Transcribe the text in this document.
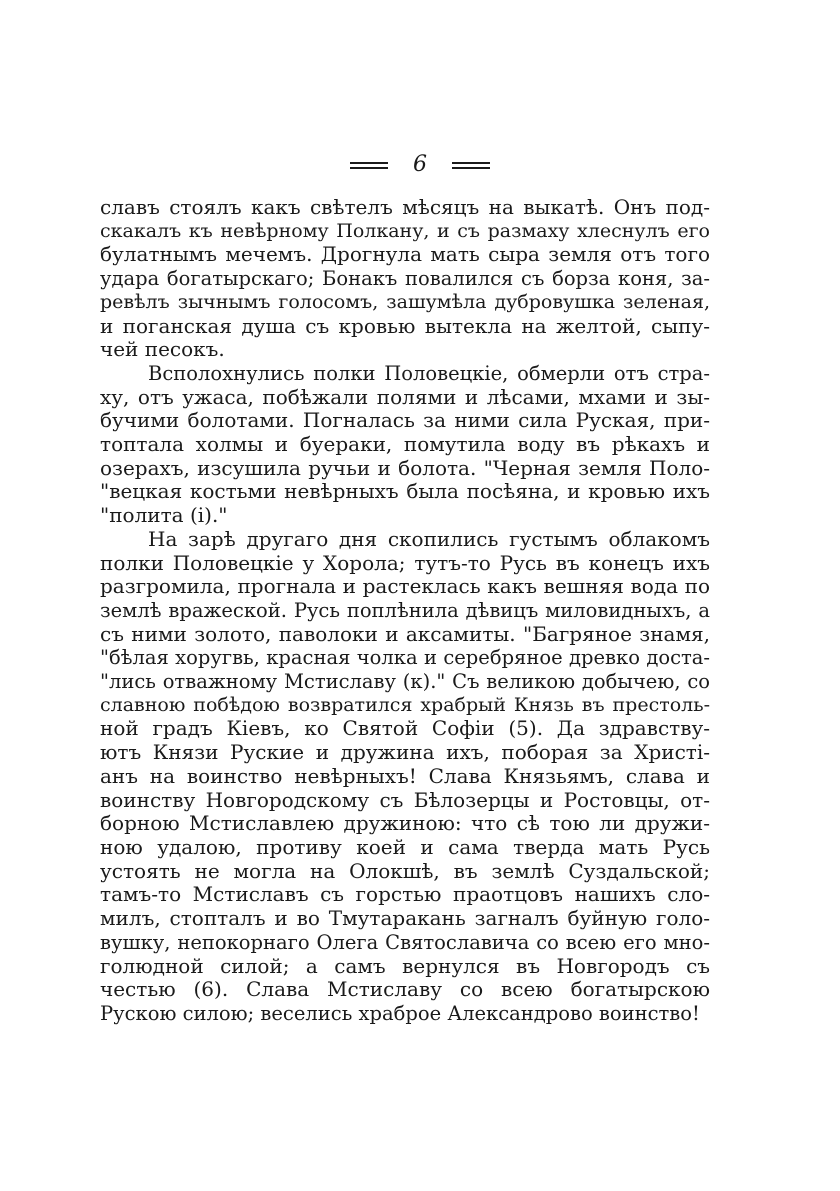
6
славъ стоялъ какъ свѣтелъ мѣсяцъ на выкатѣ. Онъ под-
скакалъ къ невѣрному Полкану, и съ размаху хлеснулъ его
булатнымъ мечемъ. Дрогнула мать сыра земля отъ того
удара богатырскаго; Бонакъ повалился съ борза коня, за-
ревѣлъ зычнымъ голосомъ, зашумѣла дубровушка зеленая,
и поганская душа съ кровью вытекла на желтой, сыпу-
чей песокъ.
Всполохнулись полки Половецкіе, обмерли отъ стра-
ху, отъ ужаса, побѣжали полями и лѣсами, мхами и зы-
бучими болотами. Погналась за ними сила Руская, при-
топтала холмы и буераки, помутила воду въ рѣкахъ и
озерахъ, изсушила ручьи и болота. "Черная земля Поло-
"вецкая костьми невѣрныхъ была посѣяна, и кровью ихъ
"полита (і)."
На зарѣ другаго дня скопились густымъ облакомъ
полки Половецкіе у Хорола; тутъ-то Русь въ конецъ ихъ
разгромила, прогнала и растеклась какъ вешняя вода по
землѣ вражеской. Русь поплѣнила дѣвицъ миловидныхъ, а
съ ними золото, паволоки и аксамиты. "Багряное знамя,
"бѣлая хоругвь, красная чолка и серебряное древко доста-
"лись отважному Мстиславу (к)." Съ великою добычею, со
славною побѣдою возвратился храбрый Князь въ престоль-
ной градъ Кіевъ, ко Святой Софіи (5). Да здравству-
ютъ Князи Руские и дружина ихъ, поборая за Христі-
анъ на воинство невѣрныхъ! Слава Князьямъ, слава и
воинству Новгородскому съ Бѣлозерцы и Ростовцы, от-
борною Мстиславлею дружиною: что сѣ тою ли дружи-
ною удалою, противу коей и сама тверда мать Русь
устоять не могла на Олокшѣ, въ землѣ Суздальской;
тамъ-то Мстиславъ съ горстью праотцовъ нашихъ сло-
милъ, стопталъ и во Тмутаракань загналъ буйную голо-
вушку, непокорнаго Олега Святославича со всею его мно-
голюдной силой; а самъ вернулся въ Новгородъ съ
честью (6). Слава Мстиславу со всею богатырскою
Рускою силою; веселись храброе Александрово воинство!
